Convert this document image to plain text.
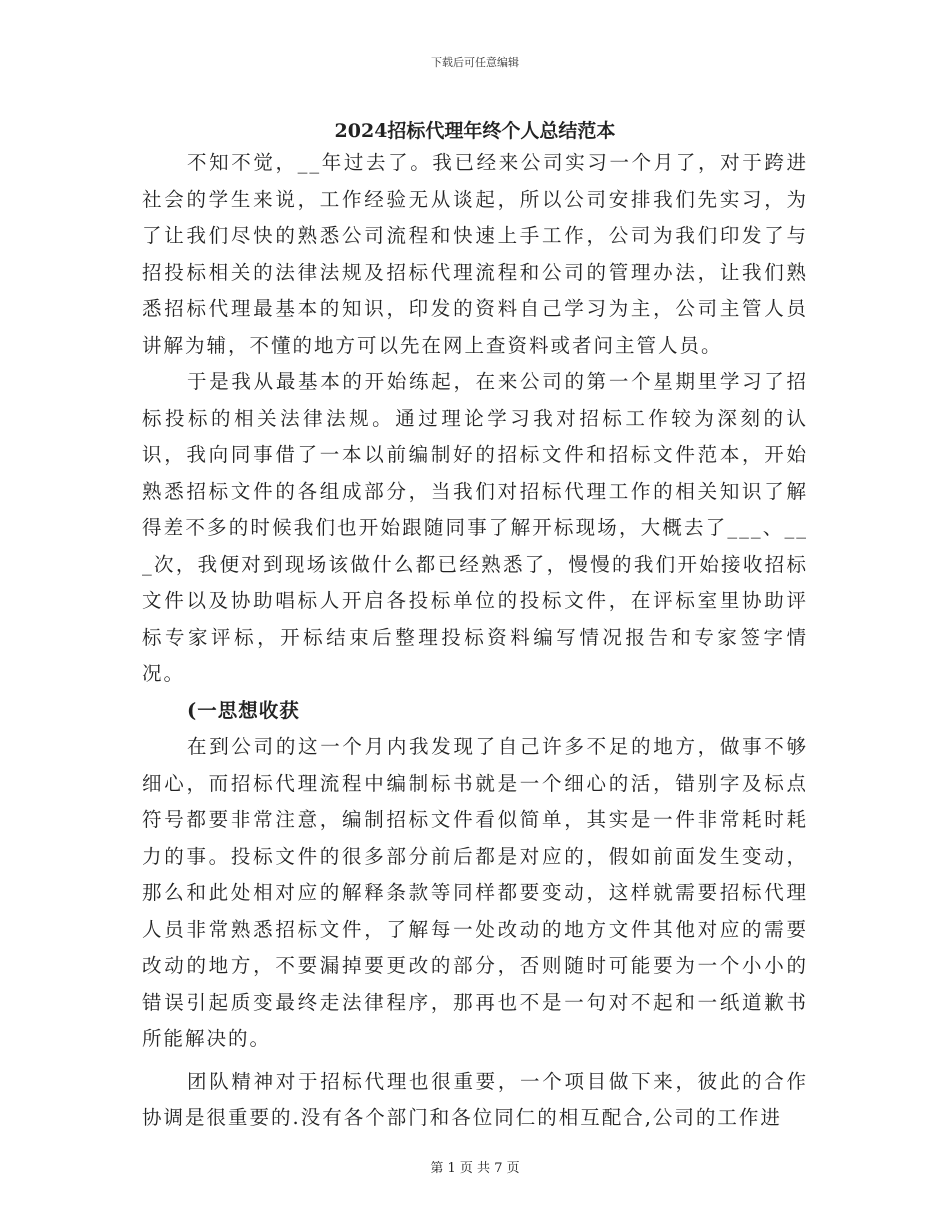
下载后可任意编辑
2024招标代理年终个人总结范本

不知不觉，__年过去了。我已经来公司实习一个月了，对于跨进社会的学生来说，工作经验无从谈起，所以公司安排我们先实习，为了让我们尽快的熟悉公司流程和快速上手工作，公司为我们印发了与招投标相关的法律法规及招标代理流程和公司的管理办法，让我们熟悉招标代理最基本的知识，印发的资料自己学习为主，公司主管人员讲解为辅，不懂的地方可以先在网上查资料或者问主管人员。

于是我从最基本的开始练起，在来公司的第一个星期里学习了招标投标的相关法律法规。通过理论学习我对招标工作较为深刻的认识，我向同事借了一本以前编制好的招标文件和招标文件范本，开始熟悉招标文件的各组成部分，当我们对招标代理工作的相关知识了解得差不多的时候我们也开始跟随同事了解开标现场，大概去了___、___次，我便对到现场该做什么都已经熟悉了，慢慢的我们开始接收招标文件以及协助唱标人开启各投标单位的投标文件，在评标室里协助评标专家评标，开标结束后整理投标资料编写情况报告和专家签字情况。

(一思想收获

在到公司的这一个月内我发现了自己许多不足的地方，做事不够细心，而招标代理流程中编制标书就是一个细心的活，错别字及标点符号都要非常注意，编制招标文件看似简单，其实是一件非常耗时耗力的事。投标文件的很多部分前后都是对应的，假如前面发生变动，那么和此处相对应的解释条款等同样都要变动，这样就需要招标代理人员非常熟悉招标文件，了解每一处改动的地方文件其他对应的需要改动的地方，不要漏掉要更改的部分，否则随时可能要为一个小小的错误引起质变最终走法律程序，那再也不是一句对不起和一纸道歉书所能解决的。

团队精神对于招标代理也很重要，一个项目做下来，彼此的合作协调是很重要的.没有各个部门和各位同仁的相互配合,公司的工作进

第 1 页 共 7 页
